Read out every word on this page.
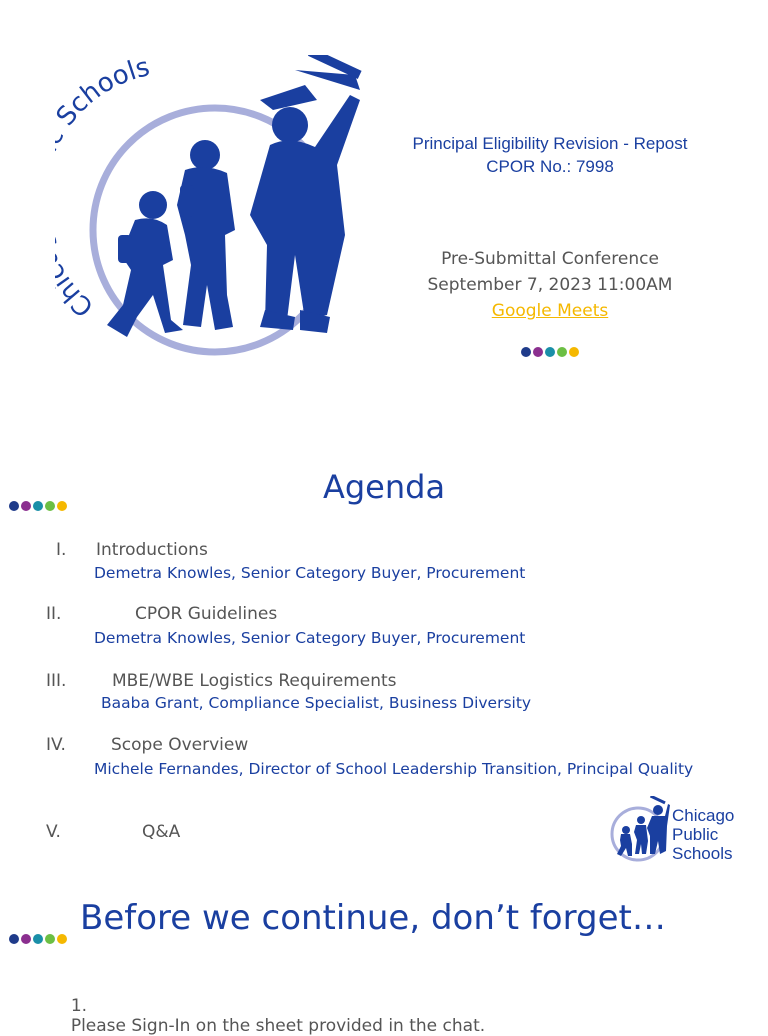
Ch chools
Principal Eligibility Revision - Repost
CPOR No.: 7998
Pre-Submittal Conference
September 7, 2023 11:00AM
Google Meets
Agenda
I. Introductions
Demetra Knowles, Senior Category Buyer, Procurement
II.	CPOR Guidelines
Demetra Knowles, Senior Category Buyer, Procurement
III.	MBE/WBE Logistics Requirements
Baaba Grant, Compliance Specialist, Business Diversity
IV.	Scope Overview
Michele Fernandes, Director of School Leadership Transition, Principal Quality
V.	Q&A
Chicago
Public
Schools
Before we continue, don’t forget…

1.
Please Sign-In on the sheet provided in the chat.
